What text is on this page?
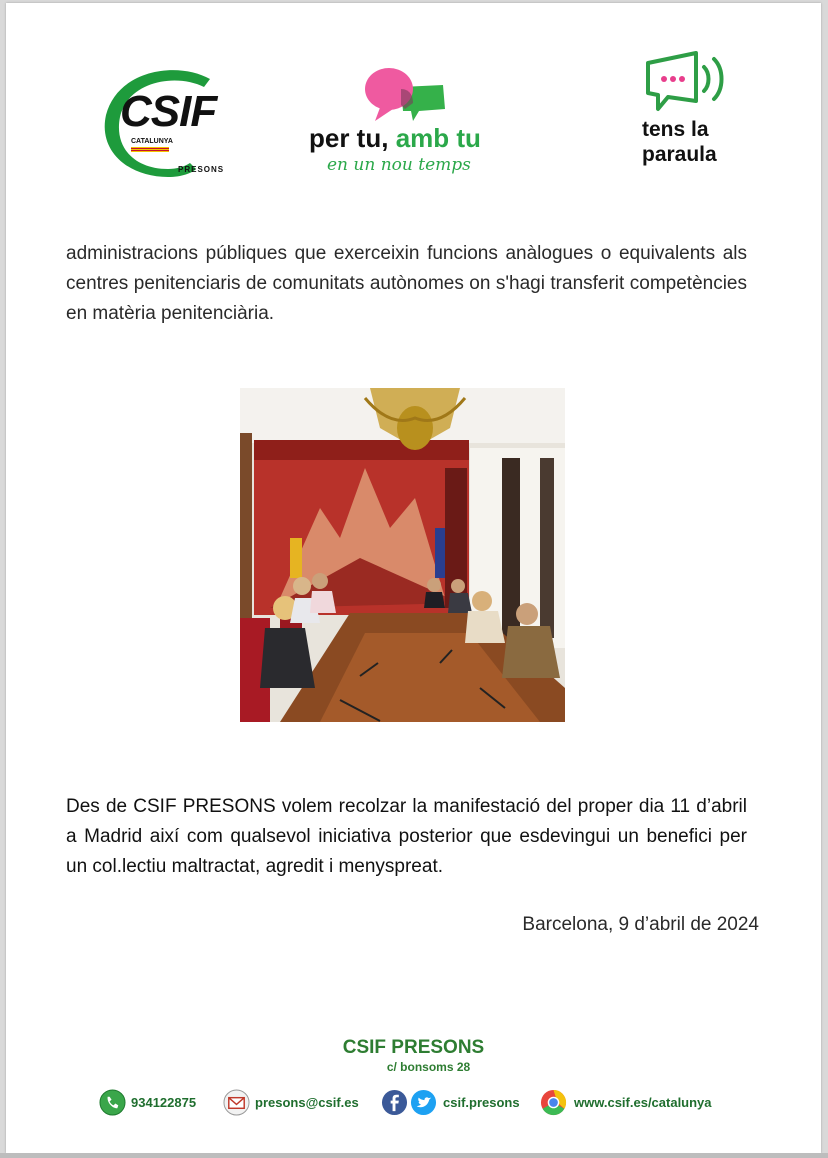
CSIF
CATALUNYA
PRESONS
per tu, amb tu
en un nou temps
tens la
paraula

administracions públiques que exerceixin funcions anàlogues o equivalents als centres penitenciaris de comunitats autònomes on s'hagi transferit competències en matèria penitenciària.

Des de CSIF PRESONS volem recolzar la manifestació del proper dia 11 d’abril a Madrid així com qualsevol iniciativa posterior que esdevingui un benefici per un col.lectiu maltractat, agredit i menyspreat.

Barcelona, 9 d’abril de 2024
CSIF PRESONS
c/ bonsoms 28
934122875	presons@csif.es	csif.presons	www.csif.es/catalunya
